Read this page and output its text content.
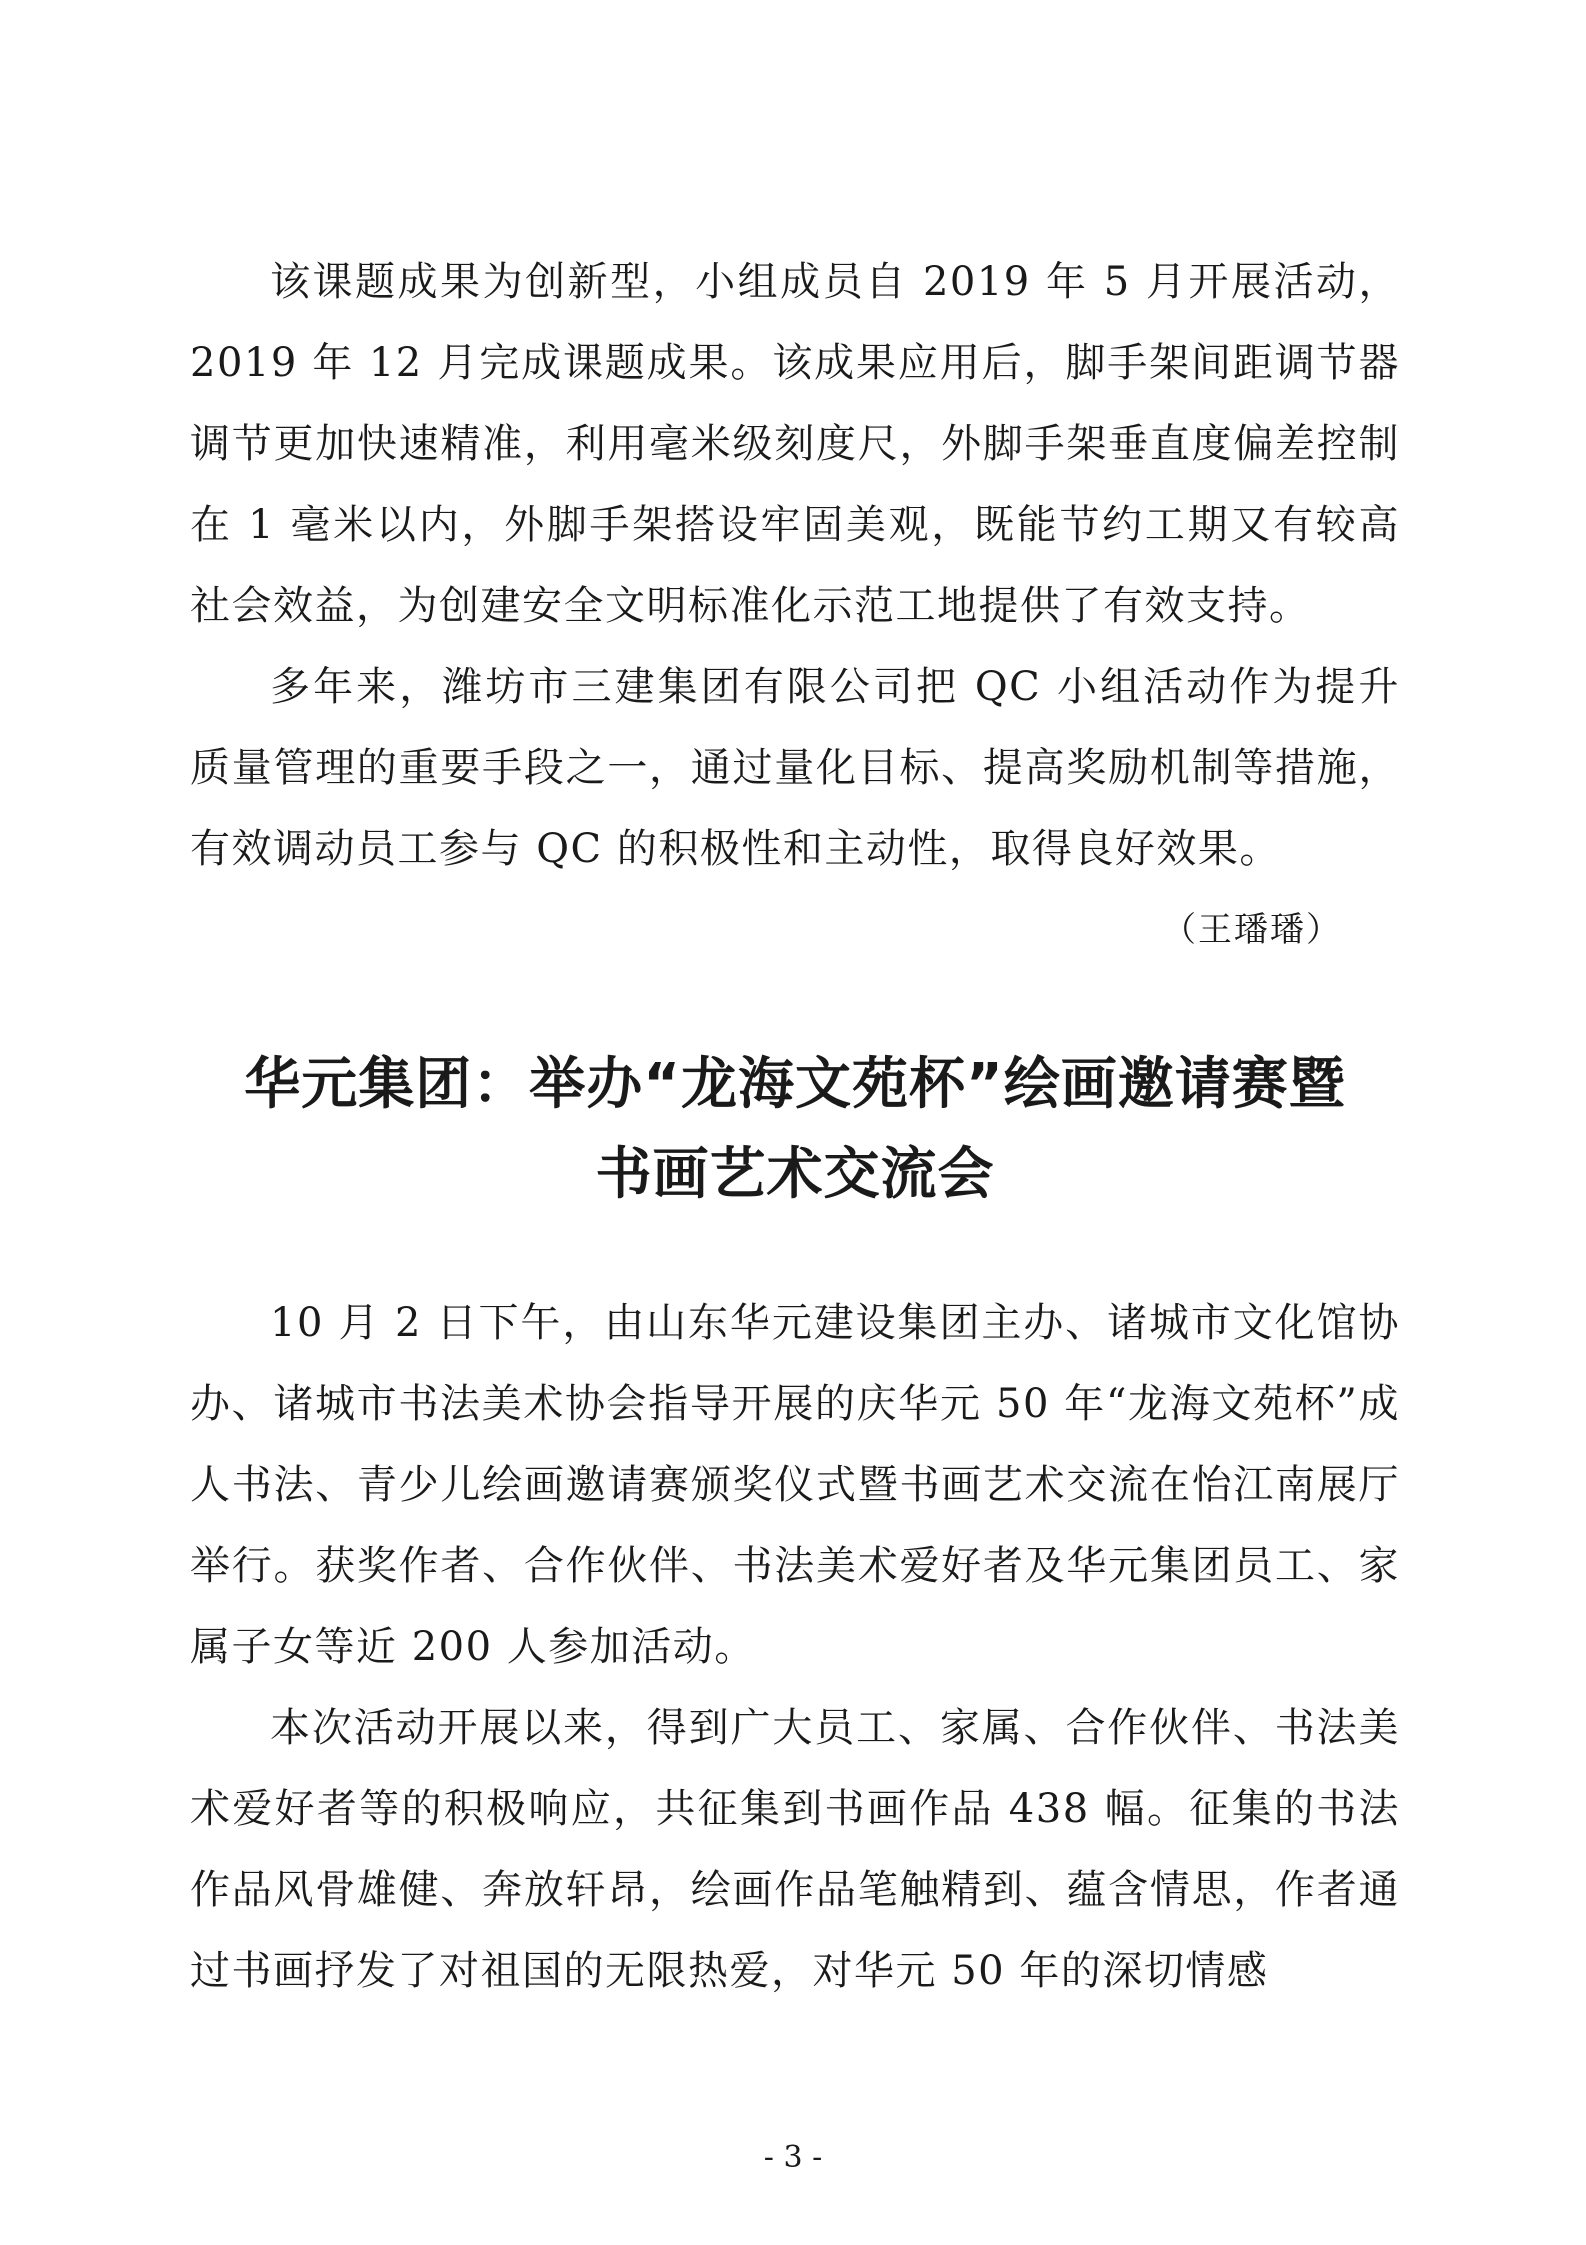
该课题成果为创新型，小组成员自 2019 年 5 月开展活动，2019 年 12 月完成课题成果。该成果应用后，脚手架间距调节器调节更加快速精准，利用毫米级刻度尺，外脚手架垂直度偏差控制在 1 毫米以内，外脚手架搭设牢固美观，既能节约工期又有较高社会效益，为创建安全文明标准化示范工地提供了有效支持。

多年来，潍坊市三建集团有限公司把 QC 小组活动作为提升质量管理的重要手段之一，通过量化目标、提高奖励机制等措施，有效调动员工参与 QC 的积极性和主动性，取得良好效果。

（王璠璠）

华元集团：举办“龙海文苑杯”绘画邀请赛暨
书画艺术交流会

10 月 2 日下午，由山东华元建设集团主办、诸城市文化馆协办、诸城市书法美术协会指导开展的庆华元 50 年“龙海文苑杯”成人书法、青少儿绘画邀请赛颁奖仪式暨书画艺术交流在怡江南展厅举行。获奖作者、合作伙伴、书法美术爱好者及华元集团员工、家属子女等近 200 人参加活动。

本次活动开展以来，得到广大员工、家属、合作伙伴、书法美术爱好者等的积极响应，共征集到书画作品 438 幅。征集的书法作品风骨雄健、奔放轩昂，绘画作品笔触精到、蕴含情思，作者通过书画抒发了对祖国的无限热爱，对华元 50 年的深切情感

- 3 -
